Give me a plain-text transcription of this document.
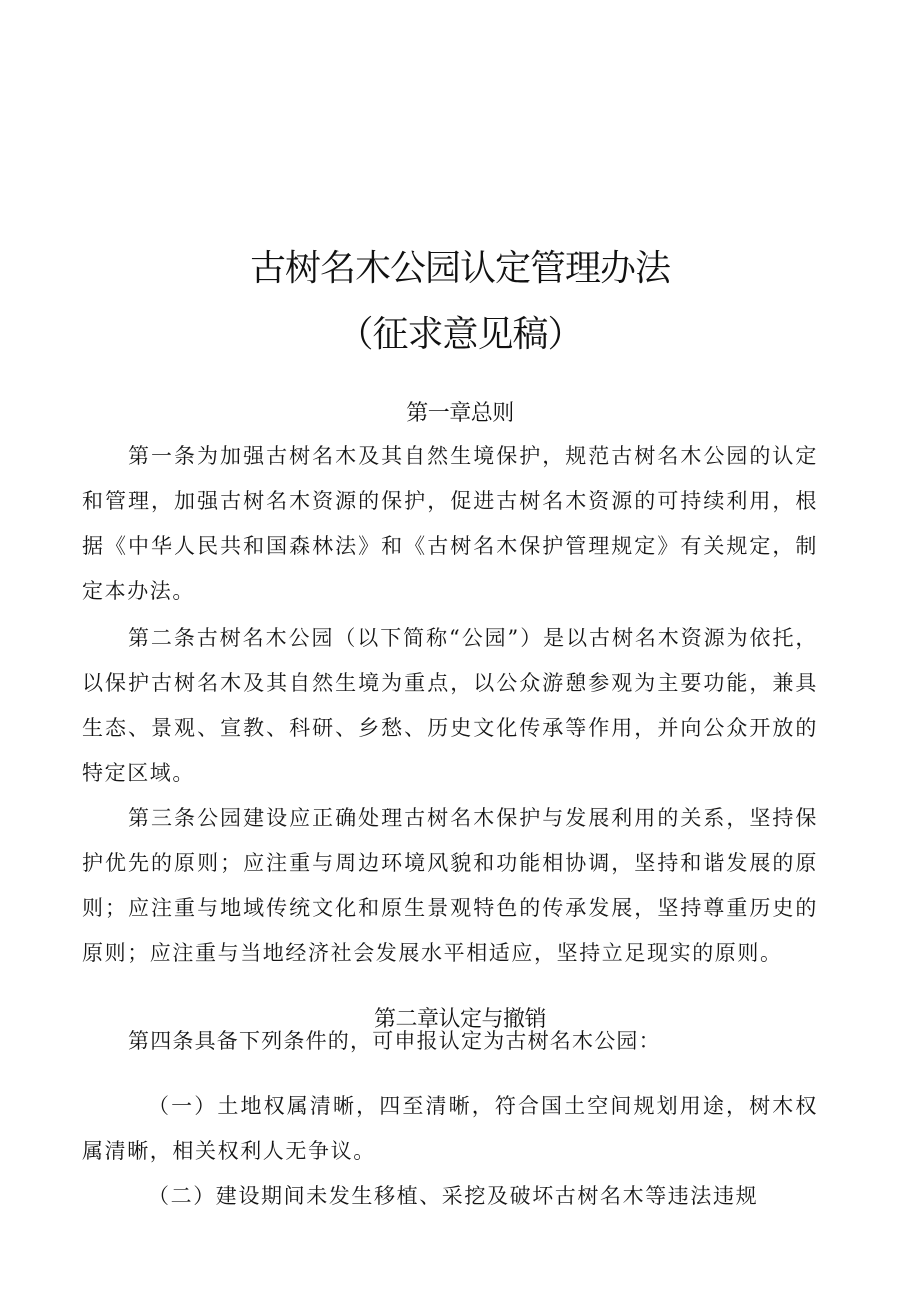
古树名木公园认定管理办法
（征求意见稿）
第一章总则

第一条为加强古树名木及其自然生境保护，规范古树名木公园的认定和管理，加强古树名木资源的保护，促进古树名木资源的可持续利用，根据《中华人民共和国森林法》和《古树名木保护管理规定》有关规定，制定本办法。

第二条古树名木公园（以下简称“公园”）是以古树名木资源为依托，以保护古树名木及其自然生境为重点，以公众游憩参观为主要功能，兼具生态、景观、宣教、科研、乡愁、历史文化传承等作用，并向公众开放的特定区域。

第三条公园建设应正确处理古树名木保护与发展利用的关系，坚持保护优先的原则；应注重与周边环境风貌和功能相协调，坚持和谐发展的原则；应注重与地域传统文化和原生景观特色的传承发展，坚持尊重历史的原则；应注重与当地经济社会发展水平相适应，坚持立足现实的原则。

第二章认定与撤销

第四条具备下列条件的，可申报认定为古树名木公园：

（一）土地权属清晰，四至清晰，符合国土空间规划用途，树木权属清晰，相关权利人无争议。

（二）建设期间未发生移植、采挖及破坏古树名木等违法违规
